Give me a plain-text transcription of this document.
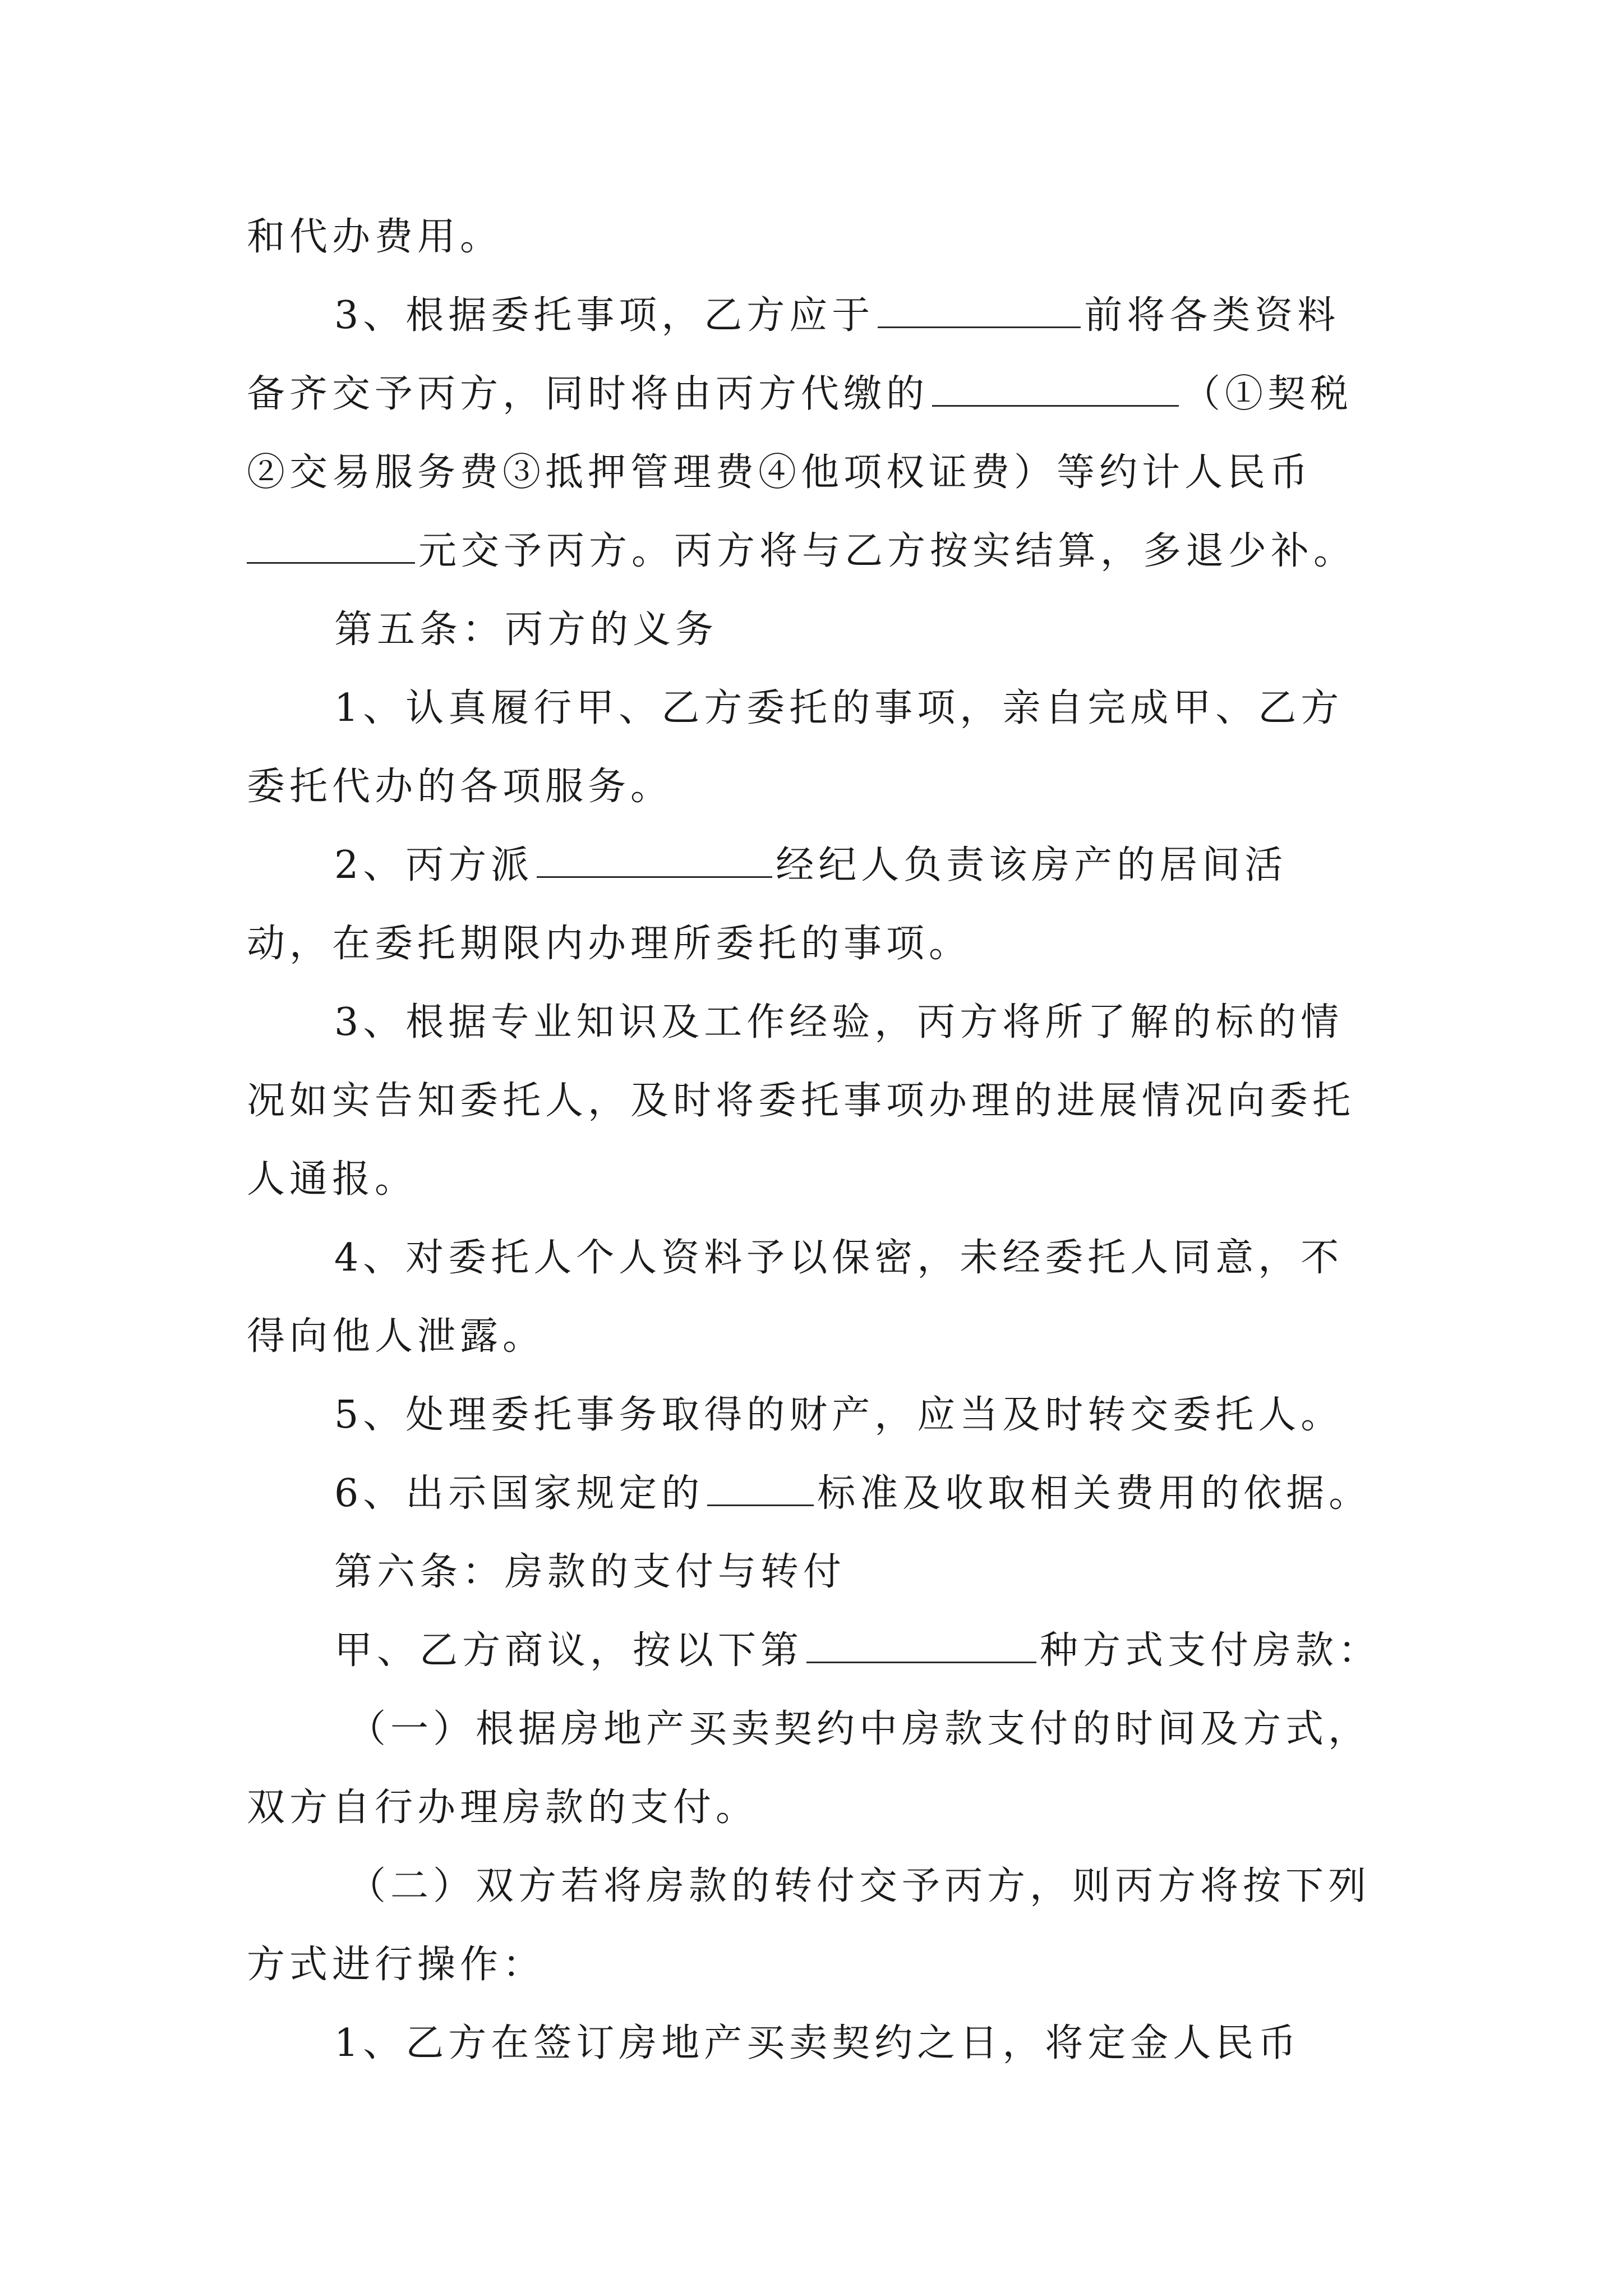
和代办费用。
3、根据委托事项，乙方应于	前将各类资料
备齐交予丙方，同时将由丙方代缴的	（①契税
②交易服务费③抵押管理费④他项权证费）等约计人民币
元交予丙方。丙方将与乙方按实结算，多退少补。
第五条：丙方的义务
1、认真履行甲、乙方委托的事项，亲自完成甲、乙方
委托代办的各项服务。
2、丙方派	经纪人负责该房产的居间活
动，在委托期限内办理所委托的事项。
3、根据专业知识及工作经验，丙方将所了解的标的情
况如实告知委托人，及时将委托事项办理的进展情况向委托
人通报。
4、对委托人个人资料予以保密，未经委托人同意，不
得向他人泄露。
5、处理委托事务取得的财产，应当及时转交委托人。
6、出示国家规定的	标准及收取相关费用的依据。
第六条：房款的支付与转付
甲、乙方商议，按以下第	种方式支付房款：
（一）根据房地产买卖契约中房款支付的时间及方式，
双方自行办理房款的支付。
（二）双方若将房款的转付交予丙方，则丙方将按下列
方式进行操作：
1、乙方在签订房地产买卖契约之日，将定金人民币
